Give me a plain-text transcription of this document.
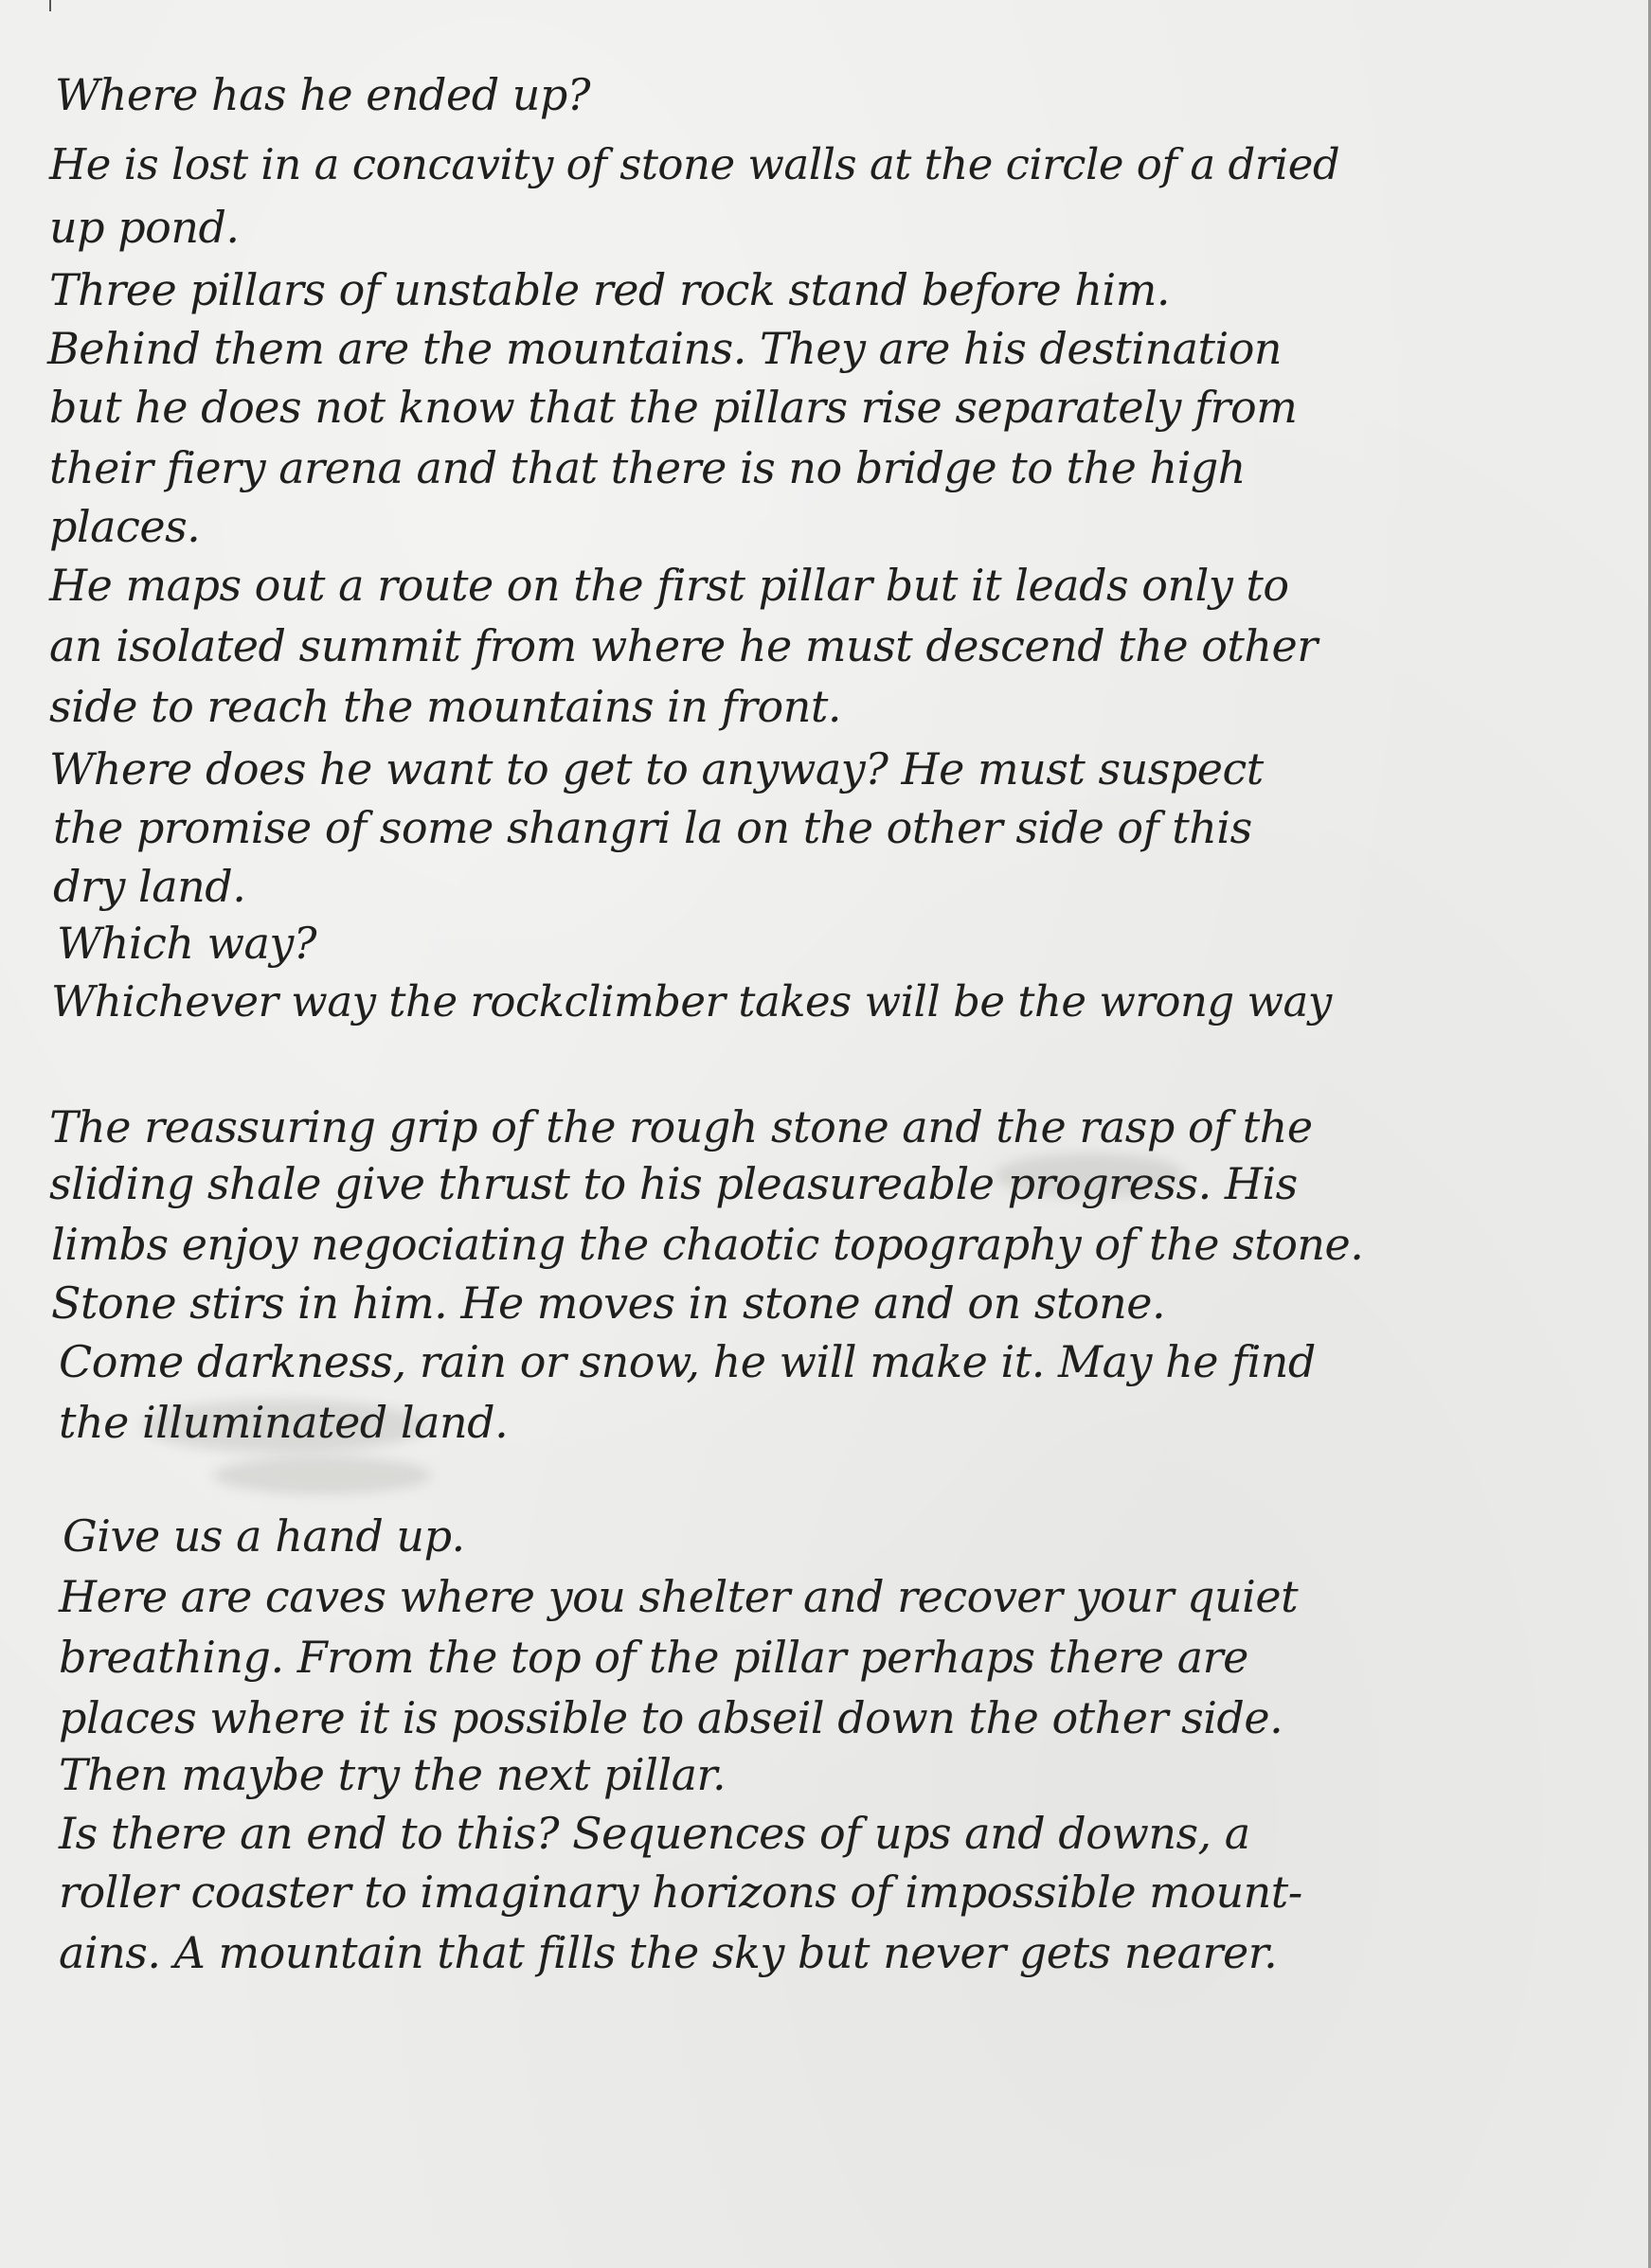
Where has he ended up?
He is lost in a concavity of stone walls at the circle of a dried
up pond.
Three pillars of unstable red rock stand before him.
Behind them are the mountains. They are his destination
but he does not know that the pillars rise separately from
their fiery arena and that there is no bridge to the high
places.
He maps out a route on the first pillar but it leads only to
an isolated summit from where he must descend the other
side to reach the mountains in front.
Where does he want to get to anyway? He must suspect
the promise of some shangri la on the other side of this
dry land.
Which way?
Whichever way the rockclimber takes will be the wrong way
The reassuring grip of the rough stone and the rasp of the
sliding shale give thrust to his pleasureable progress. His
limbs enjoy negociating the chaotic topography of the stone.
Stone stirs in him. He moves in stone and on stone.
Come darkness, rain or snow, he will make it. May he find
the illuminated land.
Give us a hand up.
Here are caves where you shelter and recover your quiet
breathing. From the top of the pillar perhaps there are
places where it is possible to abseil down the other side.
Then maybe try the next pillar.
Is there an end to this? Sequences of ups and downs, a
roller coaster to imaginary horizons of impossible mount-
ains. A mountain that fills the sky but never gets nearer.
